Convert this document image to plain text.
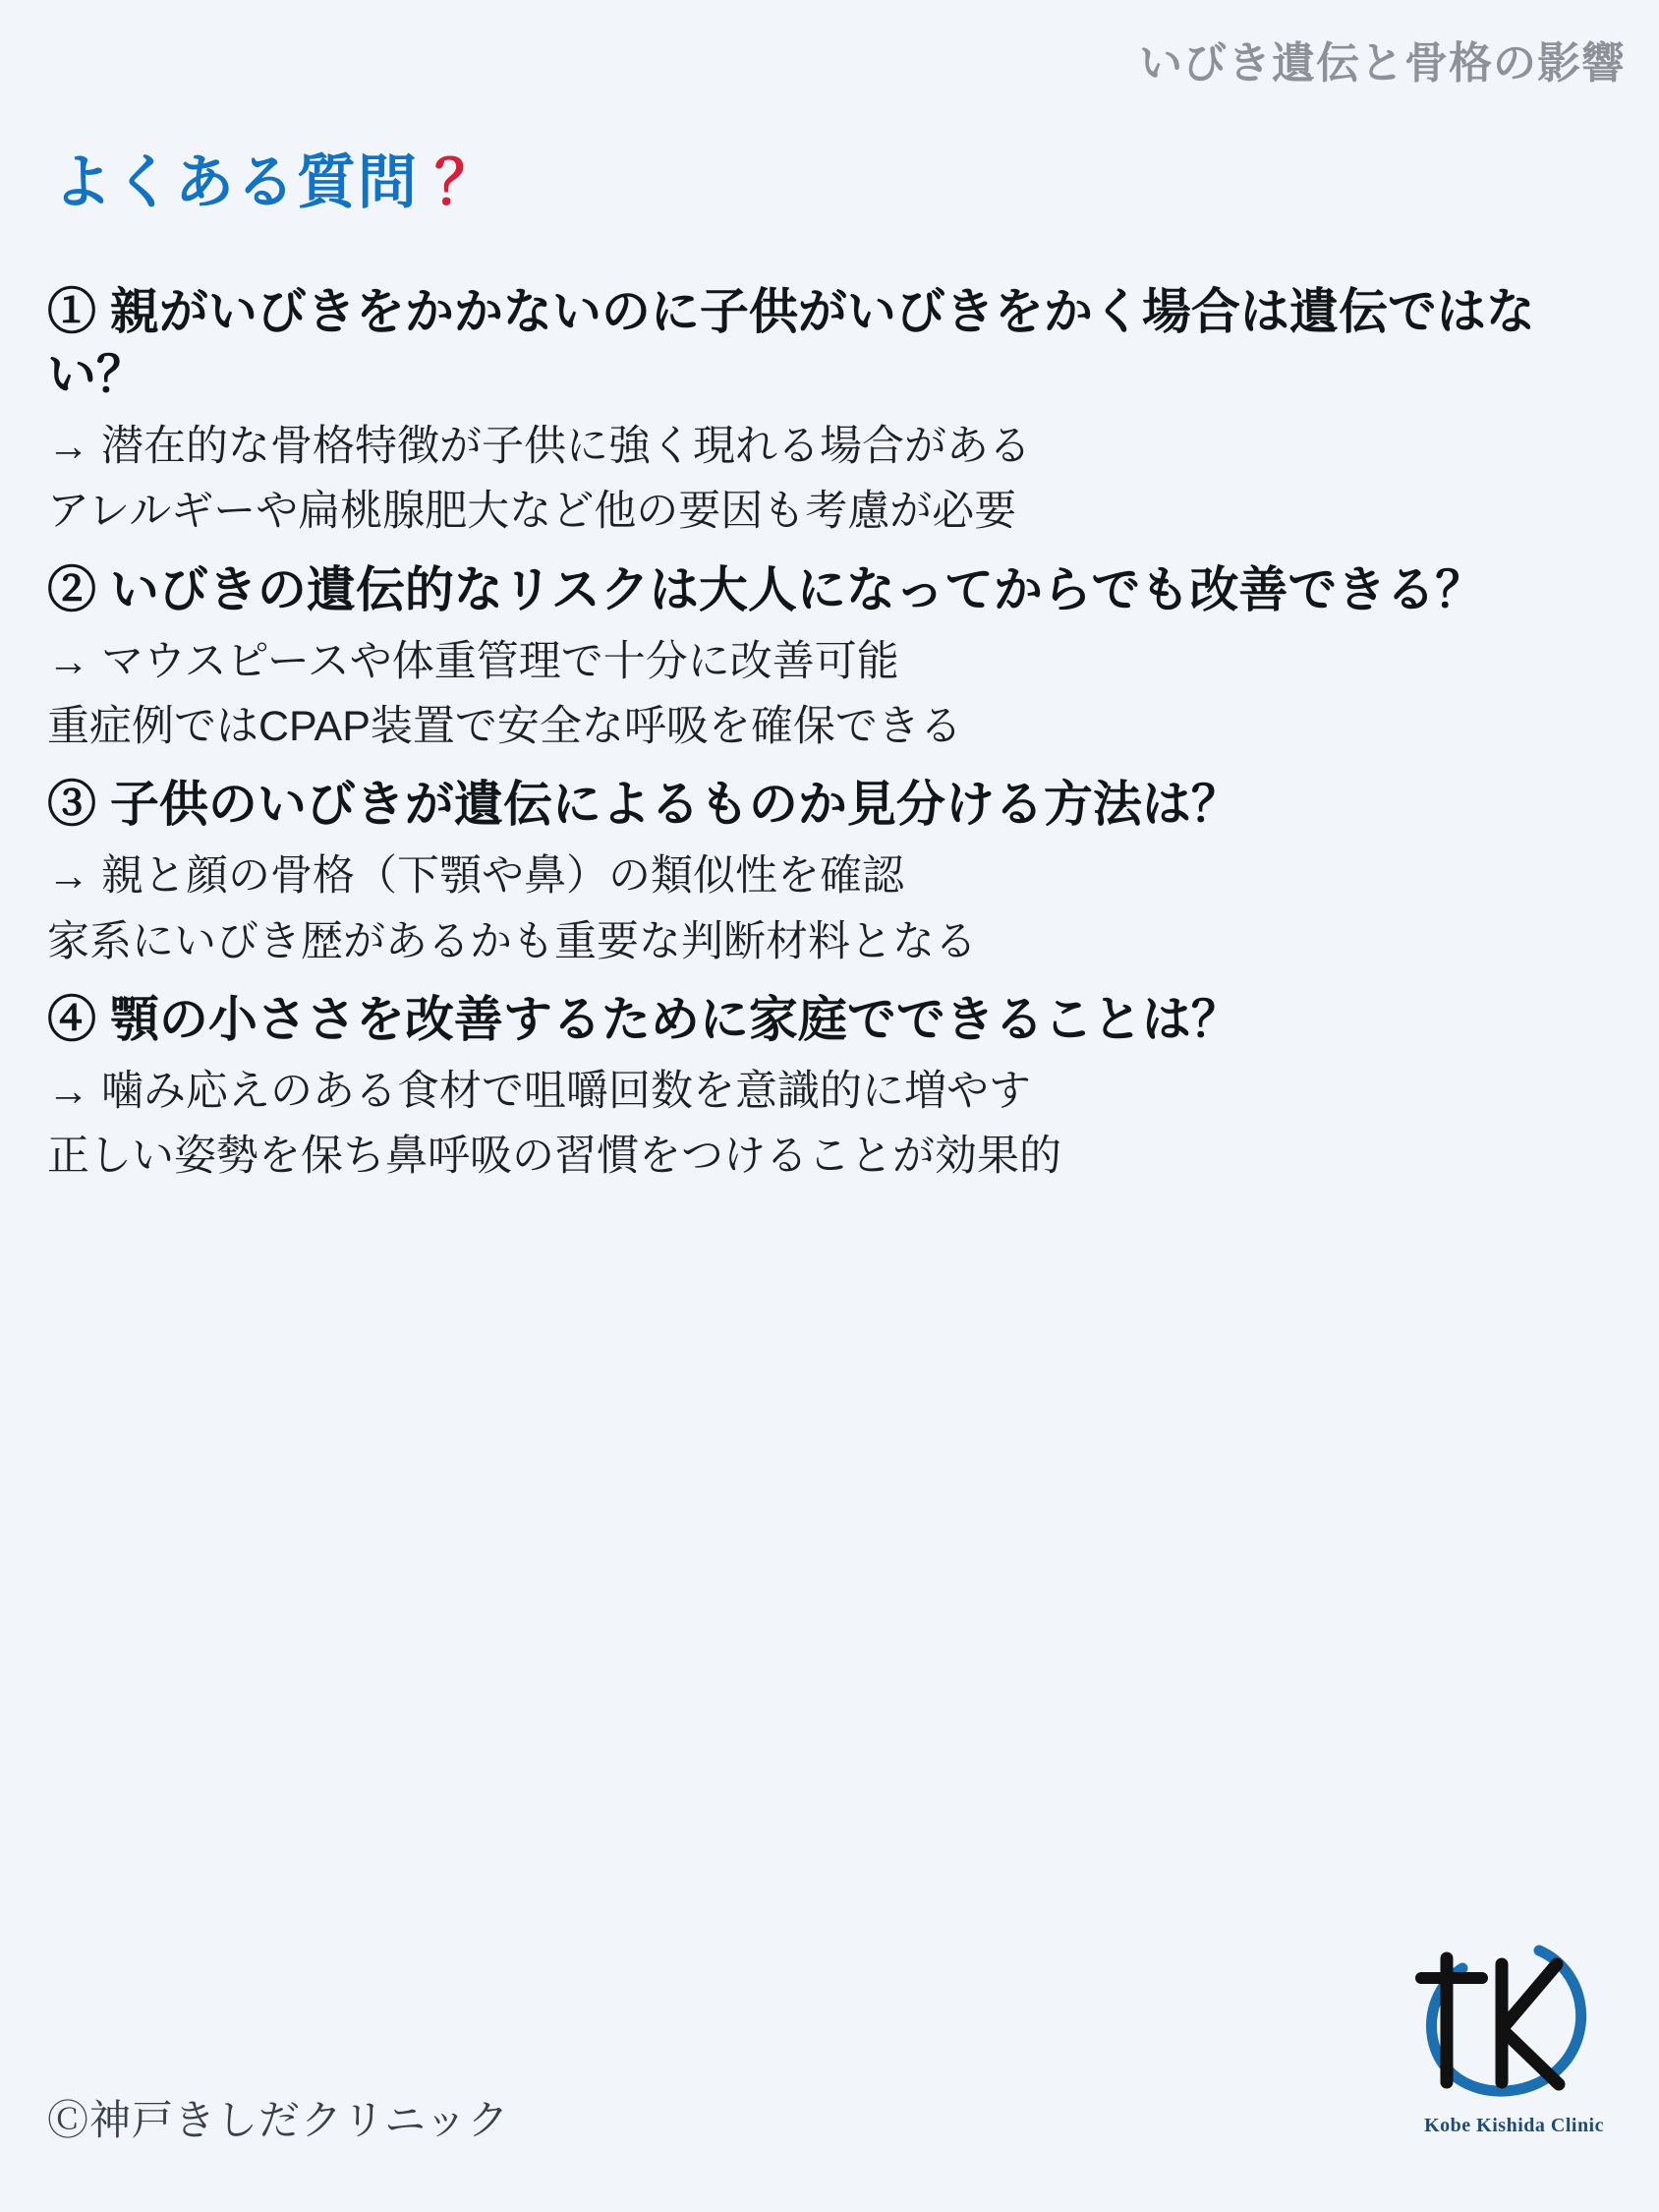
いびき遺伝と骨格の影響
よくある質問 ？
① 親がいびきをかかないのに子供がいびきをかく場合は遺伝ではない？
→ 潜在的な骨格特徴が子供に強く現れる場合がある
アレルギーや扁桃腺肥大など他の要因も考慮が必要
② いびきの遺伝的なリスクは大人になってからでも改善できる？
→ マウスピースや体重管理で十分に改善可能
重症例ではCPAP装置で安全な呼吸を確保できる
③ 子供のいびきが遺伝によるものか見分ける方法は？
→ 親と顔の骨格（下顎や鼻）の類似性を確認
家系にいびき歴があるかも重要な判断材料となる
④ 顎の小ささを改善するために家庭でできることは？
→ 噛み応えのある食材で咀嚼回数を意識的に増やす
正しい姿勢を保ち鼻呼吸の習慣をつけることが効果的
Ⓒ神戸きしだクリニック	Kobe Kishida Clinic
